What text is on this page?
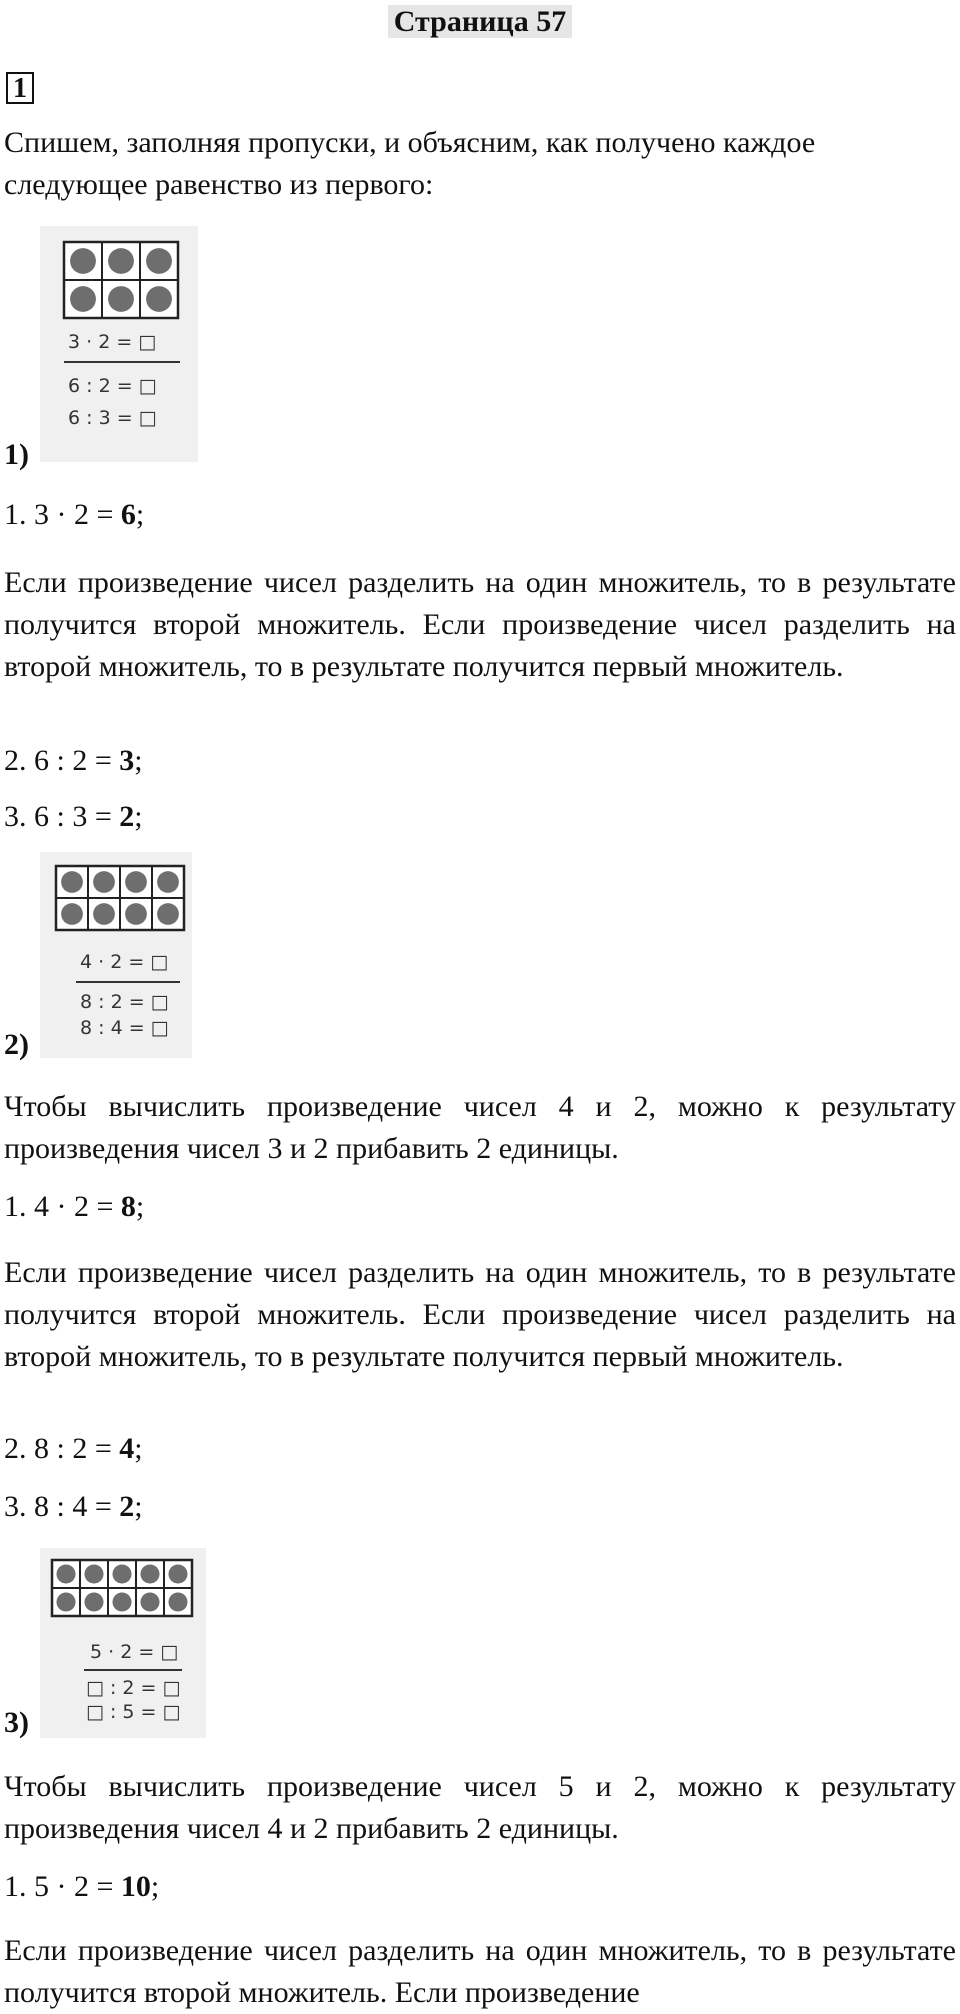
Страница 57
1

Спишем, заполняя пропуски, и объясним, как получено каждое следующее равенство из первого:

3 · 2 = □
6 : 2 = □
6 : 3 = □
1)

1. 3 · 2 = 6;

Если произведение чисел разделить на один множитель, то в результате получится второй множитель. Если произведение чисел разделить на второй множитель, то в результате получится первый множитель.

2. 6 : 2 = 3;

3. 6 : 3 = 2;

4 · 2 = □
8 : 2 = □
8 : 4 = □
2)

Чтобы вычислить произведение чисел 4 и 2, можно к результату произведения чисел 3 и 2 прибавить 2 единицы.

1. 4 · 2 = 8;

Если произведение чисел разделить на один множитель, то в результате получится второй множитель. Если произведение чисел разделить на второй множитель, то в результате получится первый множитель.

2. 8 : 2 = 4;

3. 8 : 4 = 2;

5 · 2 = □
□ : 2 = □
□ : 5 = □
3)

Чтобы вычислить произведение чисел 5 и 2, можно к результату произведения чисел 4 и 2 прибавить 2 единицы.

1. 5 · 2 = 10;

Если произведение чисел разделить на один множитель, то в результате получится второй множитель. Если произведение
